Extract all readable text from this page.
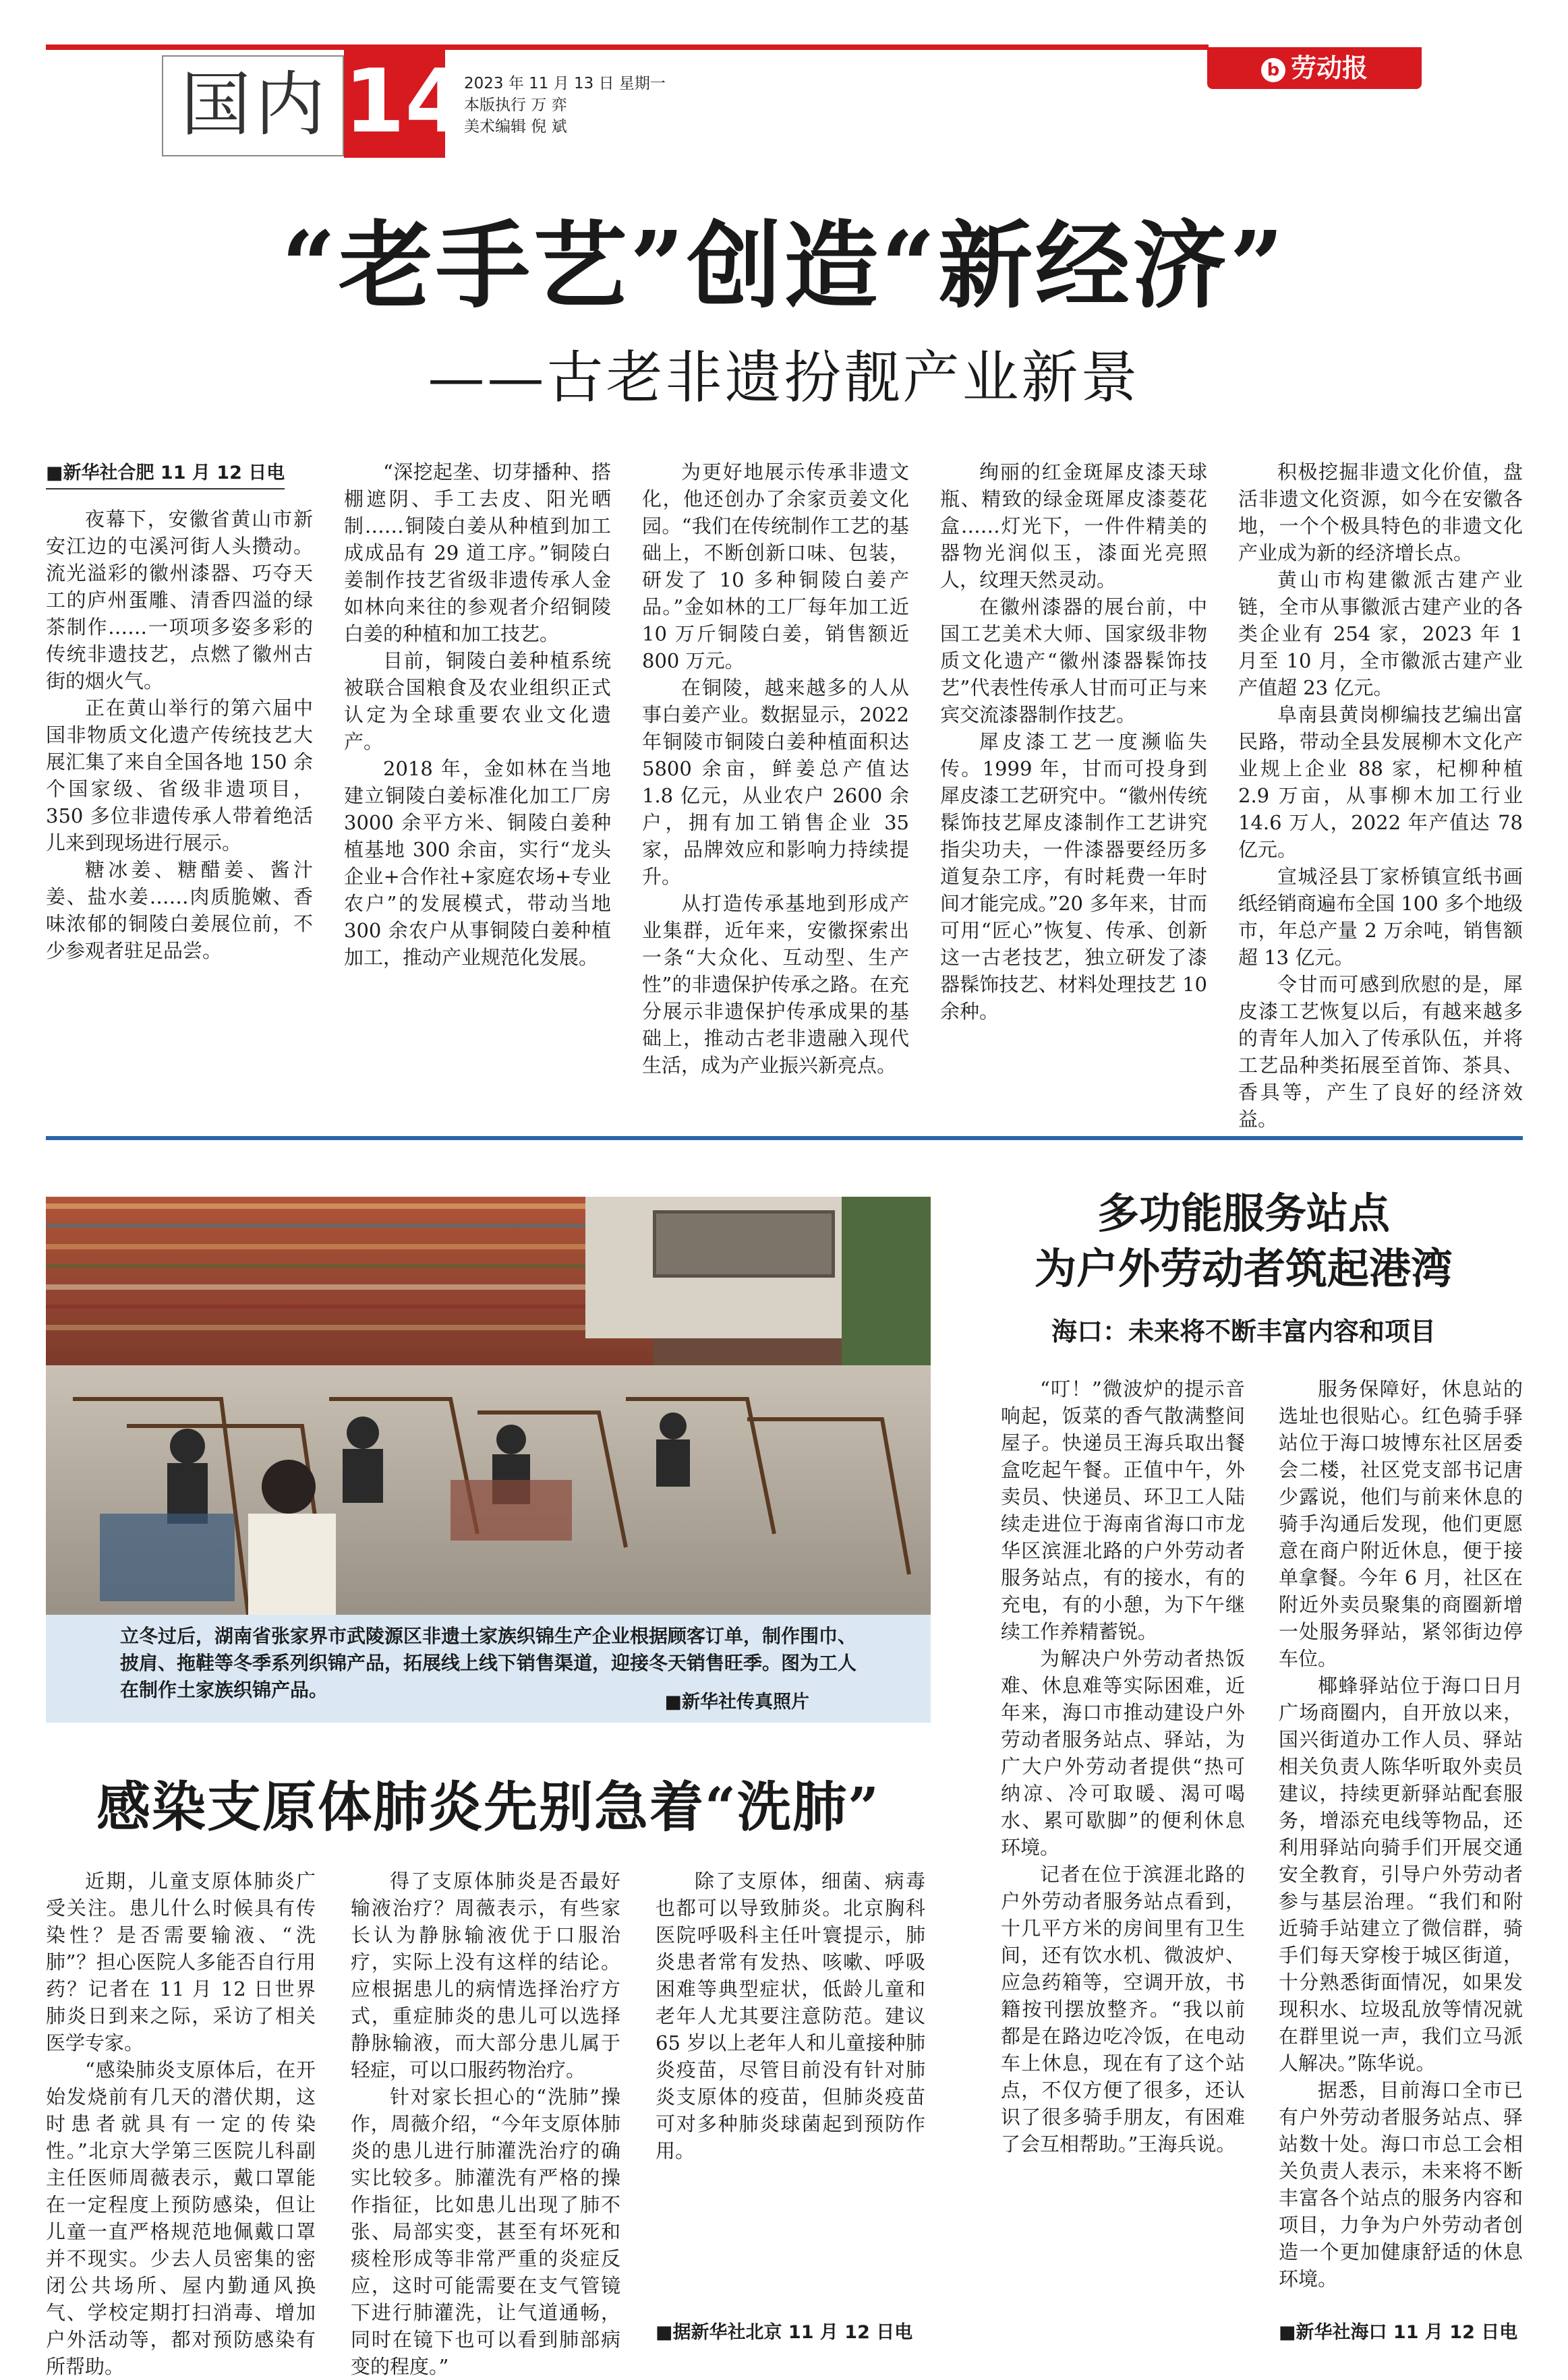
国内 14
2023 年 11 月 13 日 星期一
本版执行 万 弈
美术编辑 倪 斌
b 劳动报
“老手艺”创造“新经济”
——古老非遗扮靓产业新景

■新华社合肥 11 月 12 日电

夜幕下，安徽省黄山市新安江边的屯溪河街人头攒动。流光溢彩的徽州漆器、巧夺天工的庐州蛋雕、清香四溢的绿茶制作……一项项多姿多彩的传统非遗技艺，点燃了徽州古街的烟火气。

正在黄山举行的第六届中国非物质文化遗产传统技艺大展汇集了来自全国各地 150 余个国家级、省级非遗项目，350 多位非遗传承人带着绝活儿来到现场进行展示。

糖冰姜、糖醋姜、酱汁姜、盐水姜……肉质脆嫩、香味浓郁的铜陵白姜展位前，不少参观者驻足品尝。

“深挖起垄、切芽播种、搭棚遮阴、手工去皮、阳光晒制……铜陵白姜从种植到加工成成品有 29 道工序。”铜陵白姜制作技艺省级非遗传承人金如林向来往的参观者介绍铜陵白姜的种植和加工技艺。

目前，铜陵白姜种植系统被联合国粮食及农业组织正式认定为全球重要农业文化遗产。

2018 年，金如林在当地建立铜陵白姜标准化加工厂房 3000 余平方米、铜陵白姜种植基地 300 余亩，实行“龙头企业+合作社+家庭农场+专业农户”的发展模式，带动当地 300 余农户从事铜陵白姜种植加工，推动产业规范化发展。

为更好地展示传承非遗文化，他还创办了余家贡姜文化园。“我们在传统制作工艺的基础上，不断创新口味、包装，研发了 10 多种铜陵白姜产品。”金如林的工厂每年加工近 10 万斤铜陵白姜，销售额近 800 万元。

在铜陵，越来越多的人从事白姜产业。数据显示，2022 年铜陵市铜陵白姜种植面积达 5800 余亩，鲜姜总产值达 1.8 亿元，从业农户 2600 余户，拥有加工销售企业 35 家，品牌效应和影响力持续提升。

从打造传承基地到形成产业集群，近年来，安徽探索出一条“大众化、互动型、生产性”的非遗保护传承之路。在充分展示非遗保护传承成果的基础上，推动古老非遗融入现代生活，成为产业振兴新亮点。

绚丽的红金斑犀皮漆天球瓶、精致的绿金斑犀皮漆菱花盒……灯光下，一件件精美的器物光润似玉，漆面光亮照人，纹理天然灵动。

在徽州漆器的展台前，中国工艺美术大师、国家级非物质文化遗产“徽州漆器髹饰技艺”代表性传承人甘而可正与来宾交流漆器制作技艺。

犀皮漆工艺一度濒临失传。1999 年，甘而可投身到犀皮漆工艺研究中。“徽州传统髹饰技艺犀皮漆制作工艺讲究指尖功夫，一件漆器要经历多道复杂工序，有时耗费一年时间才能完成。”20 多年来，甘而可用“匠心”恢复、传承、创新这一古老技艺，独立研发了漆器髹饰技艺、材料处理技艺 10 余种。

积极挖掘非遗文化价值，盘活非遗文化资源，如今在安徽各地，一个个极具特色的非遗文化产业成为新的经济增长点。

黄山市构建徽派古建产业链，全市从事徽派古建产业的各类企业有 254 家，2023 年 1 月至 10 月，全市徽派古建产业产值超 23 亿元。

阜南县黄岗柳编技艺编出富民路，带动全县发展柳木文化产业规上企业 88 家，杞柳种植 2.9 万亩，从事柳木加工行业 14.6 万人，2022 年产值达 78 亿元。

宣城泾县丁家桥镇宣纸书画纸经销商遍布全国 100 多个地级市，年总产量 2 万余吨，销售额超 13 亿元。

令甘而可感到欣慰的是，犀皮漆工艺恢复以后，有越来越多的青年人加入了传承队伍，并将工艺品种类拓展至首饰、茶具、香具等，产生了良好的经济效益。

立冬过后，湖南省张家界市武陵源区非遗土家族织锦生产企业根据顾客订单，制作围巾、披肩、拖鞋等冬季系列织锦产品，拓展线上线下销售渠道，迎接冬天销售旺季。图为工人在制作土家族织锦产品。
■新华社传真照片
多功能服务站点
为户外劳动者筑起港湾
海口：未来将不断丰富内容和项目

“叮！”微波炉的提示音响起，饭菜的香气散满整间屋子。快递员王海兵取出餐盒吃起午餐。正值中午，外卖员、快递员、环卫工人陆续走进位于海南省海口市龙华区滨涯北路的户外劳动者服务站点，有的接水，有的充电，有的小憩，为下午继续工作养精蓄锐。

为解决户外劳动者热饭难、休息难等实际困难，近年来，海口市推动建设户外劳动者服务站点、驿站，为广大户外劳动者提供“热可纳凉、冷可取暖、渴可喝水、累可歇脚”的便利休息环境。

记者在位于滨涯北路的户外劳动者服务站点看到，十几平方米的房间里有卫生间，还有饮水机、微波炉、应急药箱等，空调开放，书籍按刊摆放整齐。“我以前都是在路边吃冷饭，在电动车上休息，现在有了这个站点，不仅方便了很多，还认识了很多骑手朋友，有困难了会互相帮助。”王海兵说。

服务保障好，休息站的选址也很贴心。红色骑手驿站位于海口坡博东社区居委会二楼，社区党支部书记唐少露说，他们与前来休息的骑手沟通后发现，他们更愿意在商户附近休息，便于接单拿餐。今年 6 月，社区在附近外卖员聚集的商圈新增一处服务驿站，紧邻街边停车位。

椰蜂驿站位于海口日月广场商圈内，自开放以来，国兴街道办工作人员、驿站相关负责人陈华听取外卖员建议，持续更新驿站配套服务，增添充电线等物品，还利用驿站向骑手们开展交通安全教育，引导户外劳动者参与基层治理。“我们和附近骑手站建立了微信群，骑手们每天穿梭于城区街道，十分熟悉街面情况，如果发现积水、垃圾乱放等情况就在群里说一声，我们立马派人解决。”陈华说。

据悉，目前海口全市已有户外劳动者服务站点、驿站数十处。海口市总工会相关负责人表示，未来将不断丰富各个站点的服务内容和项目，力争为户外劳动者创造一个更加健康舒适的休息环境。

■新华社海口 11 月 12 日电

感染支原体肺炎先别急着“洗肺”

近期，儿童支原体肺炎广受关注。患儿什么时候具有传染性？是否需要输液、“洗肺”？担心医院人多能否自行用药？记者在 11 月 12 日世界肺炎日到来之际，采访了相关医学专家。

“感染肺炎支原体后，在开始发烧前有几天的潜伏期，这时患者就具有一定的传染性。”北京大学第三医院儿科副主任医师周薇表示，戴口罩能在一定程度上预防感染，但让儿童一直严格规范地佩戴口罩并不现实。少去人员密集的密闭公共场所、屋内勤通风换气、学校定期打扫消毒、增加户外活动等，都对预防感染有所帮助。

得了支原体肺炎是否最好输液治疗？周薇表示，有些家长认为静脉输液优于口服治疗，实际上没有这样的结论。应根据患儿的病情选择治疗方式，重症肺炎的患儿可以选择静脉输液，而大部分患儿属于轻症，可以口服药物治疗。

针对家长担心的“洗肺”操作，周薇介绍，“今年支原体肺炎的患儿进行肺灌洗治疗的确实比较多。肺灌洗有严格的操作指征，比如患儿出现了肺不张、局部实变，甚至有坏死和痰栓形成等非常严重的炎症反应，这时可能需要在支气管镜下进行肺灌洗，让气道通畅，同时在镜下也可以看到肺部病变的程度。”

除了支原体，细菌、病毒也都可以导致肺炎。北京胸科医院呼吸科主任叶寰提示，肺炎患者常有发热、咳嗽、呼吸困难等典型症状，低龄儿童和老年人尤其要注意防范。建议 65 岁以上老年人和儿童接种肺炎疫苗，尽管目前没有针对肺炎支原体的疫苗，但肺炎疫苗可对多种肺炎球菌起到预防作用。

■据新华社北京 11 月 12 日电
